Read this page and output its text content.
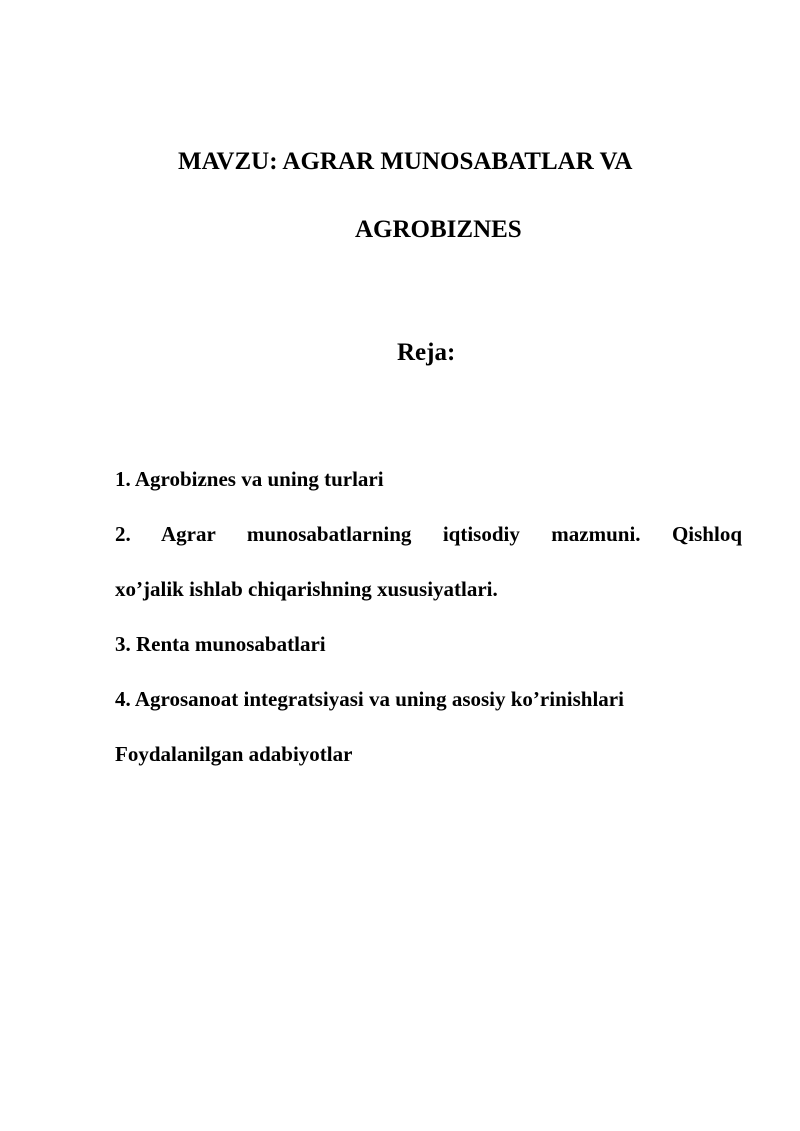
MAVZU: AGRAR MUNOSABATLAR VA
AGROBIZNES
Reja:
1. Agrobiznes va uning turlari
2. Agrar munosabatlarning iqtisodiy mazmuni. Qishloq
xo’jalik ishlab chiqarishning xususiyatlari.
3. Renta munosabatlari
4. Agrosanoat integratsiyasi va uning asosiy ko’rinishlari
Foydalanilgan adabiyotlar
